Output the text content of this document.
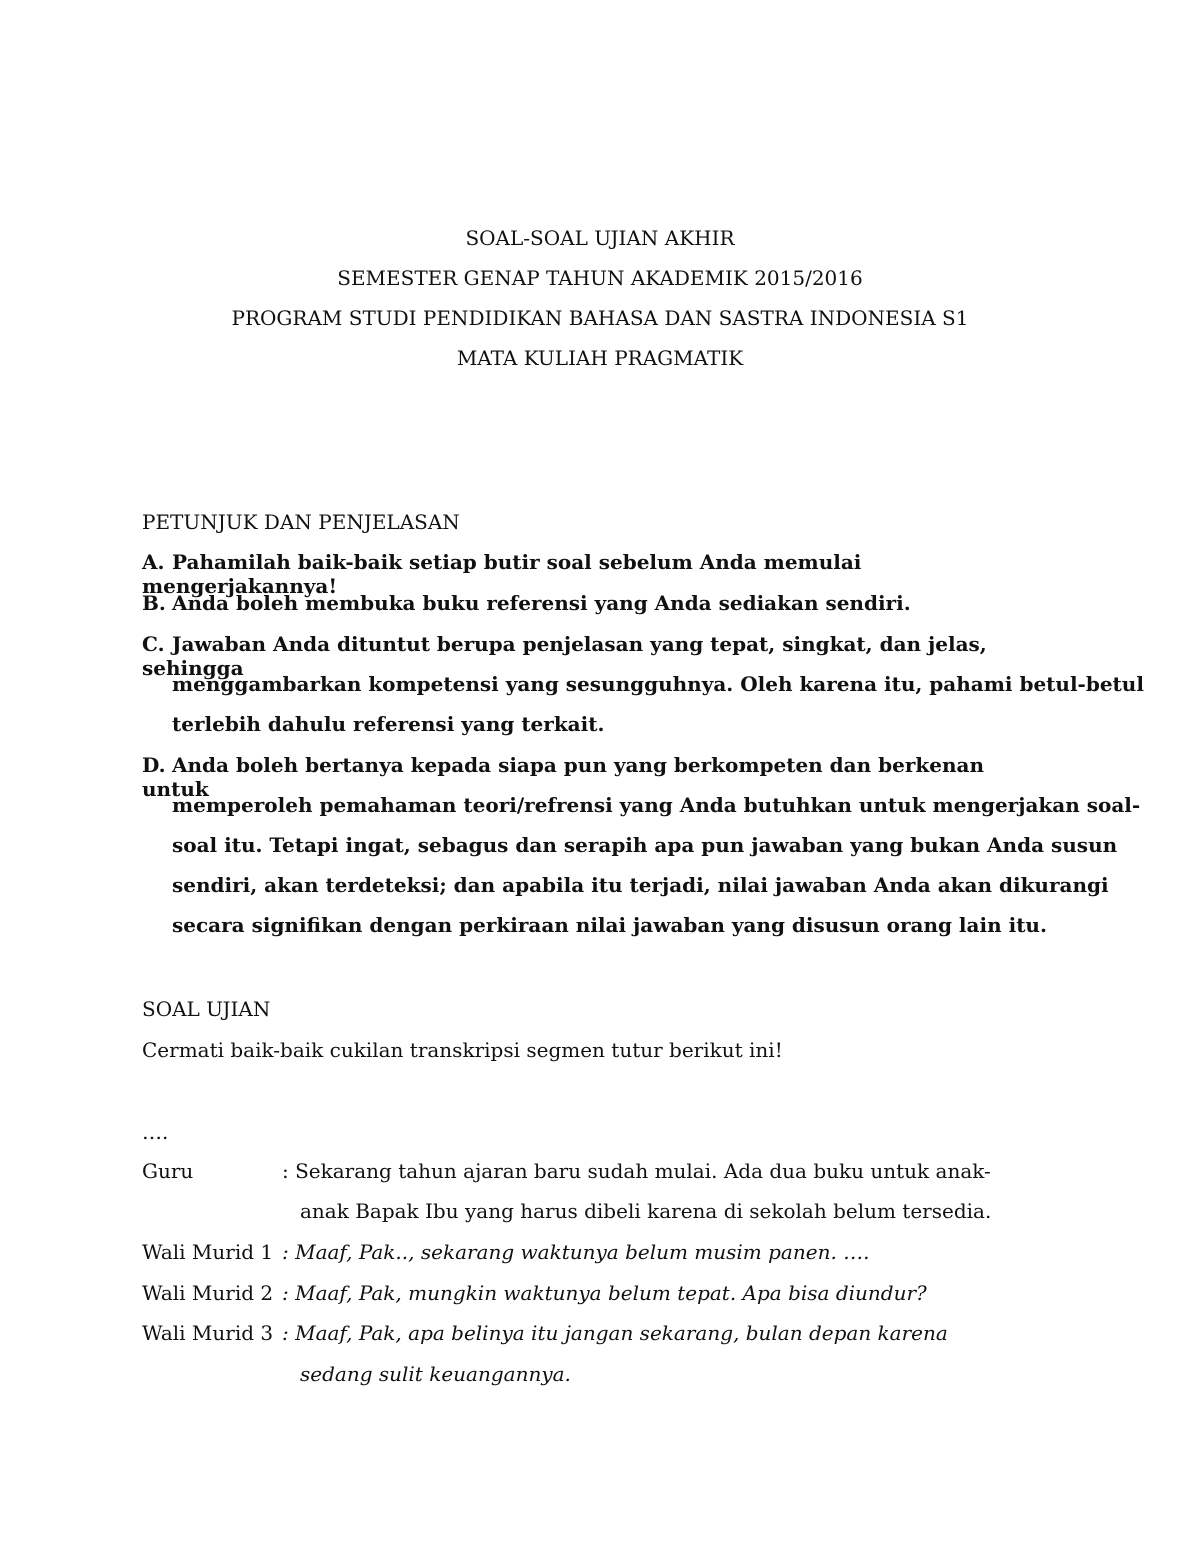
SOAL-SOAL UJIAN AKHIR
SEMESTER GENAP TAHUN AKADEMIK 2015/2016
PROGRAM STUDI PENDIDIKAN BAHASA DAN SASTRA INDONESIA S1
MATA KULIAH PRAGMATIK
PETUNJUK DAN PENJELASAN
A. Pahamilah baik-baik setiap butir soal sebelum Anda memulai mengerjakannya!
B. Anda boleh membuka buku referensi yang Anda sediakan sendiri.
C. Jawaban Anda dituntut berupa penjelasan yang tepat, singkat, dan jelas, sehingga
menggambarkan kompetensi yang sesungguhnya. Oleh karena itu, pahami betul-betul
terlebih dahulu referensi yang terkait.
D. Anda boleh bertanya kepada siapa pun yang berkompeten dan berkenan untuk
memperoleh pemahaman teori/refrensi yang Anda butuhkan untuk mengerjakan soal-
soal itu. Tetapi ingat, sebagus dan serapih apa pun jawaban yang bukan Anda susun
sendiri, akan terdeteksi; dan apabila itu terjadi, nilai jawaban Anda akan dikurangi
secara signifikan dengan perkiraan nilai jawaban yang disusun orang lain itu.
SOAL UJIAN
Cermati baik-baik cukilan transkripsi segmen tutur berikut ini!
….
Guru	: Sekarang tahun ajaran baru sudah mulai. Ada dua buku untuk anak-
anak Bapak Ibu yang harus dibeli karena di sekolah belum tersedia.
Wali Murid 1 : Maaf, Pak.., sekarang waktunya belum musim panen. ….
Wali Murid 2 : Maaf, Pak, mungkin waktunya belum tepat. Apa bisa diundur?
Wali Murid 3 : Maaf, Pak, apa belinya itu jangan sekarang, bulan depan karena
sedang sulit keuangannya.
